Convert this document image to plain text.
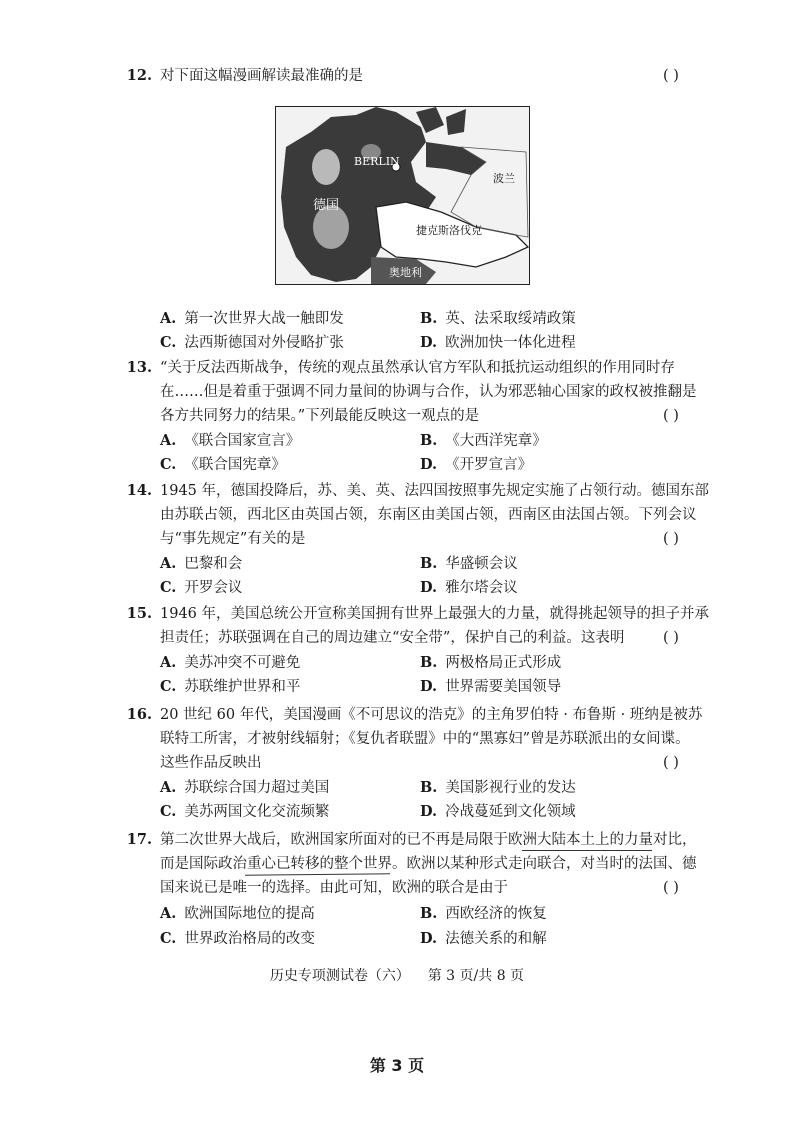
12. 对下面这幅漫画解读最准确的是	( )
BERLIN
波兰
德国
捷克斯洛伐克
奥地利
A. 第一次世界大战一触即发	B. 英、法采取绥靖政策
C. 法西斯德国对外侵略扩张	D. 欧洲加快一体化进程
13. “关于反法西斯战争，传统的观点虽然承认官方军队和抵抗运动组织的作用同时存
在……但是着重于强调不同力量间的协调与合作，认为邪恶轴心国家的政权被推翻是
各方共同努力的结果。”下列最能反映这一观点的是	( )
A. 《联合国家宣言》	B. 《大西洋宪章》
C. 《联合国宪章》	D. 《开罗宣言》
14. 1945 年，德国投降后，苏、美、英、法四国按照事先规定实施了占领行动。德国东部
由苏联占领，西北区由英国占领，东南区由美国占领，西南区由法国占领。下列会议
与“事先规定”有关的是	( )
A. 巴黎和会	B. 华盛顿会议
C. 开罗会议	D. 雅尔塔会议
15. 1946 年，美国总统公开宣称美国拥有世界上最强大的力量，就得挑起领导的担子并承
担责任；苏联强调在自己的周边建立“安全带”，保护自己的利益。这表明	( )
A. 美苏冲突不可避免	B. 两极格局正式形成
C. 苏联维护世界和平	D. 世界需要美国领导
16. 20 世纪 60 年代，美国漫画《不可思议的浩克》的主角罗伯特 · 布鲁斯 · 班纳是被苏
联特工所害，才被射线辐射；《复仇者联盟》中的“黑寡妇”曾是苏联派出的女间谍。
这些作品反映出	( )
A. 苏联综合国力超过美国	B. 美国影视行业的发达
C. 美苏两国文化交流频繁	D. 冷战蔓延到文化领域
17. 第二次世界大战后，欧洲国家所面对的已不再是局限于欧洲大陆本土上的力量对比，
而是国际政治重心已转移的整个世界。欧洲以某种形式走向联合，对当时的法国、德
国来说已是唯一的选择。由此可知，欧洲的联合是由于	( )
A. 欧洲国际地位的提高	B. 西欧经济的恢复
C. 世界政治格局的改变	D. 法德关系的和解
历史专项测试卷（六）    第 3 页/共 8 页
第 3 页
